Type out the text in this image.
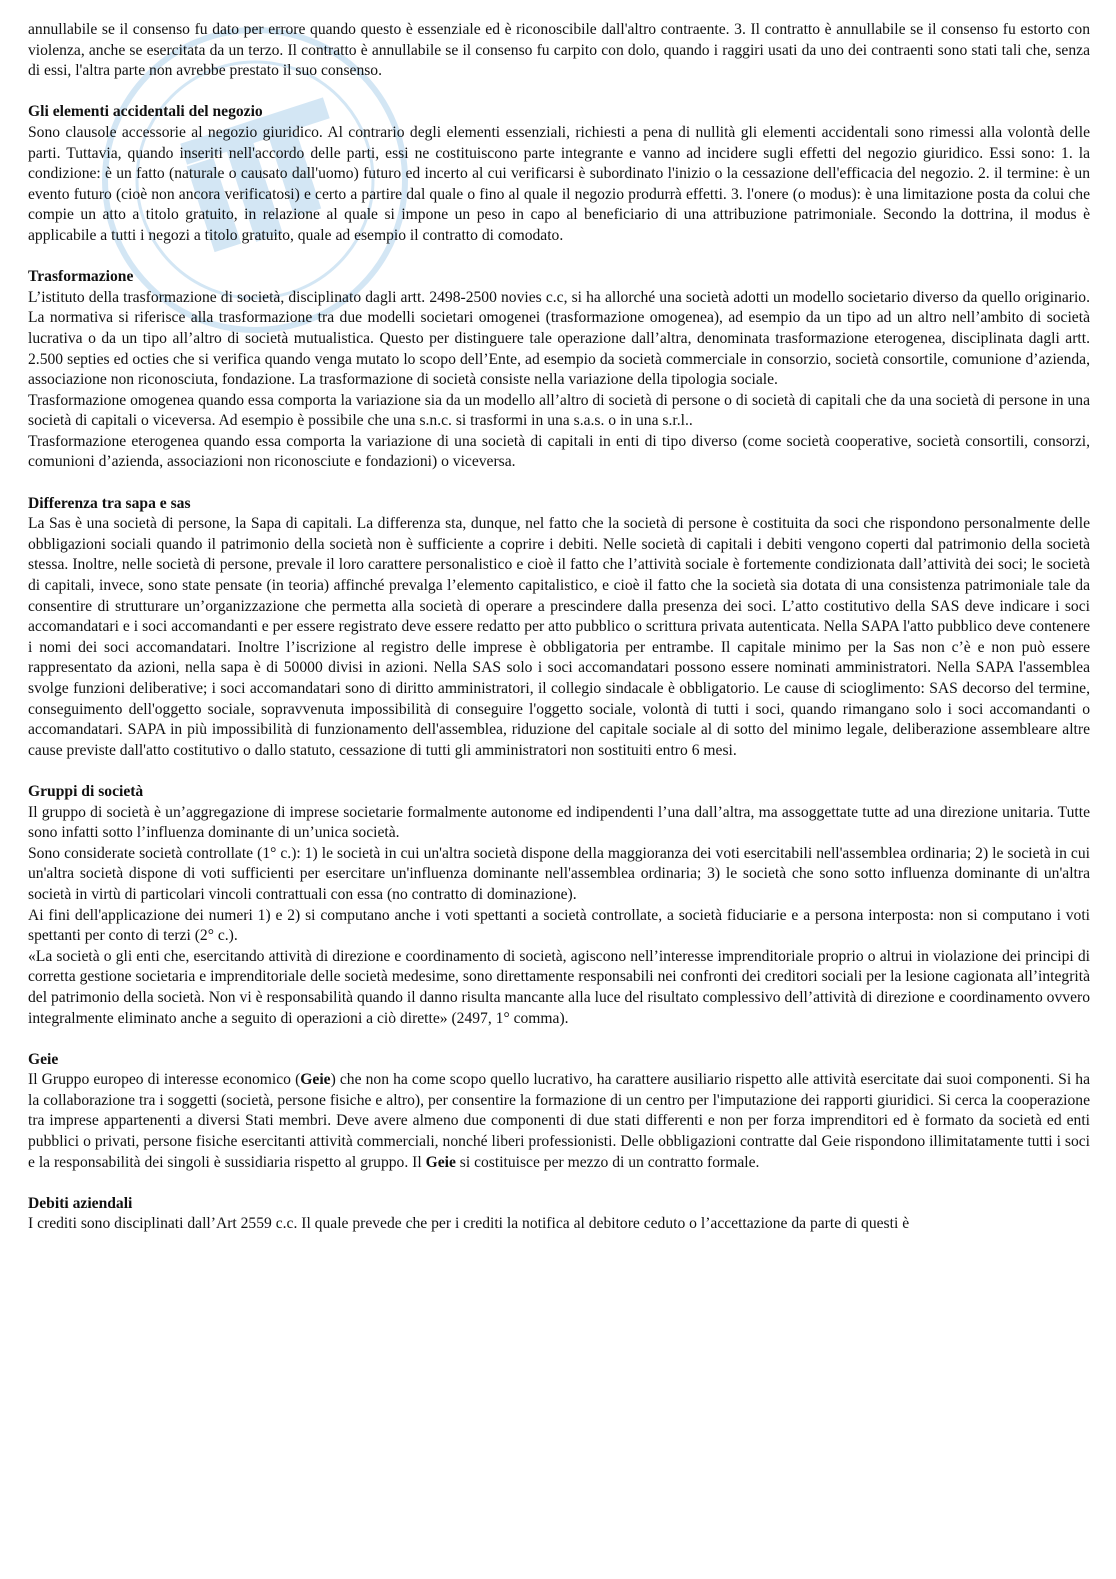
annullabile se il consenso fu dato per errore quando questo è essenziale ed è riconoscibile dall'altro contraente. 3. Il contratto è annullabile se il consenso fu estorto con violenza, anche se esercitata da un terzo. Il contratto è annullabile se il consenso fu carpito con dolo, quando i raggiri usati da uno dei contraenti sono stati tali che, senza di essi, l'altra parte non avrebbe prestato il suo consenso.

Gli elementi accidentali del negozio

Sono clausole accessorie al negozio giuridico. Al contrario degli elementi essenziali, richiesti a pena di nullità gli elementi accidentali sono rimessi alla volontà delle parti. Tuttavia, quando inseriti nell'accordo delle parti, essi ne costituiscono parte integrante e vanno ad incidere sugli effetti del negozio giuridico. Essi sono: 1. la condizione: è un fatto (naturale o causato dall'uomo) futuro ed incerto al cui verificarsi è subordinato l'inizio o la cessazione dell'efficacia del negozio. 2. il termine: è un evento futuro (cioè non ancora verificatosi) e certo a partire dal quale o fino al quale il negozio produrrà effetti. 3. l'onere (o modus): è una limitazione posta da colui che compie un atto a titolo gratuito, in relazione al quale si impone un peso in capo al beneficiario di una attribuzione patrimoniale. Secondo la dottrina, il modus è applicabile a tutti i negozi a titolo gratuito, quale ad esempio il contratto di comodato.

Trasformazione

L’istituto della trasformazione di società, disciplinato dagli artt. 2498-2500 novies c.c, si ha allorché una società adotti un modello societario diverso da quello originario. La normativa si riferisce alla trasformazione tra due modelli societari omogenei (trasformazione omogenea), ad esempio da un tipo ad un altro nell’ambito di società lucrativa o da un tipo all’altro di società mutualistica. Questo per distinguere tale operazione dall’altra, denominata trasformazione eterogenea, disciplinata dagli artt. 2.500 septies ed octies che si verifica quando venga mutato lo scopo dell’Ente, ad esempio da società commerciale in consorzio, società consortile, comunione d’azienda, associazione non riconosciuta, fondazione. La trasformazione di società consiste nella variazione della tipologia sociale.

Trasformazione omogenea quando essa comporta la variazione sia da un modello all’altro di società di persone o di società di capitali che da una società di persone in una società di capitali o viceversa. Ad esempio è possibile che una s.n.c. si trasformi in una s.a.s. o in una s.r.l..

Trasformazione eterogenea quando essa comporta la variazione di una società di capitali in enti di tipo diverso (come società cooperative, società consortili, consorzi, comunioni d’azienda, associazioni non riconosciute e fondazioni) o viceversa.

Differenza tra sapa e sas

La Sas è una società di persone, la Sapa di capitali. La differenza sta, dunque, nel fatto che la società di persone è costituita da soci che rispondono personalmente delle obbligazioni sociali quando il patrimonio della società non è sufficiente a coprire i debiti. Nelle società di capitali i debiti vengono coperti dal patrimonio della società stessa. Inoltre, nelle società di persone, prevale il loro carattere personalistico e cioè il fatto che l’attività sociale è fortemente condizionata dall’attività dei soci; le società di capitali, invece, sono state pensate (in teoria) affinché prevalga l’elemento capitalistico, e cioè il fatto che la società sia dotata di una consistenza patrimoniale tale da consentire di strutturare un’organizzazione che permetta alla società di operare a prescindere dalla presenza dei soci. L’atto costitutivo della SAS deve indicare i soci accomandatari e i soci accomandanti e per essere registrato deve essere redatto per atto pubblico o scrittura privata autenticata. Nella SAPA l'atto pubblico deve contenere i nomi dei soci accomandatari. Inoltre l’iscrizione al registro delle imprese è obbligatoria per entrambe. Il capitale minimo per la Sas non c’è e non può essere rappresentato da azioni, nella sapa è di 50000 divisi in azioni. Nella SAS solo i soci accomandatari possono essere nominati amministratori. Nella SAPA l'assemblea svolge funzioni deliberative; i soci accomandatari sono di diritto amministratori, il collegio sindacale è obbligatorio. Le cause di scioglimento: SAS decorso del termine, conseguimento dell'oggetto sociale, sopravvenuta impossibilità di conseguire l'oggetto sociale, volontà di tutti i soci, quando rimangano solo i soci accomandanti o accomandatari. SAPA in più impossibilità di funzionamento dell'assemblea, riduzione del capitale sociale al di sotto del minimo legale, deliberazione assembleare altre cause previste dall'atto costitutivo o dallo statuto, cessazione di tutti gli amministratori non sostituiti entro 6 mesi.

Gruppi di società

Il gruppo di società è un’aggregazione di imprese societarie formalmente autonome ed indipendenti l’una dall’altra, ma assoggettate tutte ad una direzione unitaria. Tutte sono infatti sotto l’influenza dominante di un’unica società.

Sono considerate società controllate (1° c.): 1) le società in cui un'altra società dispone della maggioranza dei voti esercitabili nell'assemblea ordinaria; 2) le società in cui un'altra società dispone di voti sufficienti per esercitare un'influenza dominante nell'assemblea ordinaria; 3) le società che sono sotto influenza dominante di un'altra società in virtù di particolari vincoli contrattuali con essa (no contratto di dominazione).

Ai fini dell'applicazione dei numeri 1) e 2) si computano anche i voti spettanti a società controllate, a società fiduciarie e a persona interposta: non si computano i voti spettanti per conto di terzi (2° c.).

«La società o gli enti che, esercitando attività di direzione e coordinamento di società, agiscono nell’interesse imprenditoriale proprio o altrui in violazione dei principi di corretta gestione societaria e imprenditoriale delle società medesime, sono direttamente responsabili nei confronti dei creditori sociali per la lesione cagionata all’integrità del patrimonio della società. Non vi è responsabilità quando il danno risulta mancante alla luce del risultato complessivo dell’attività di direzione e coordinamento ovvero integralmente eliminato anche a seguito di operazioni a ciò dirette» (2497, 1° comma).

Geie

Il Gruppo europeo di interesse economico (Geie) che non ha come scopo quello lucrativo, ha carattere ausiliario rispetto alle attività esercitate dai suoi componenti. Si ha la collaborazione tra i soggetti (società, persone fisiche e altro), per consentire la formazione di un centro per l'imputazione dei rapporti giuridici. Si cerca la cooperazione tra imprese appartenenti a diversi Stati membri. Deve avere almeno due componenti di due stati differenti e non per forza imprenditori ed è formato da società ed enti pubblici o privati, persone fisiche esercitanti attività commerciali, nonché liberi professionisti. Delle obbligazioni contratte dal Geie rispondono illimitatamente tutti i soci e la responsabilità dei singoli è sussidiaria rispetto al gruppo. Il Geie si costituisce per mezzo di un contratto formale.

Debiti aziendali

I crediti sono disciplinati dall’Art 2559 c.c. Il quale prevede che per i crediti la notifica al debitore ceduto o l’accettazione da parte di questi è
